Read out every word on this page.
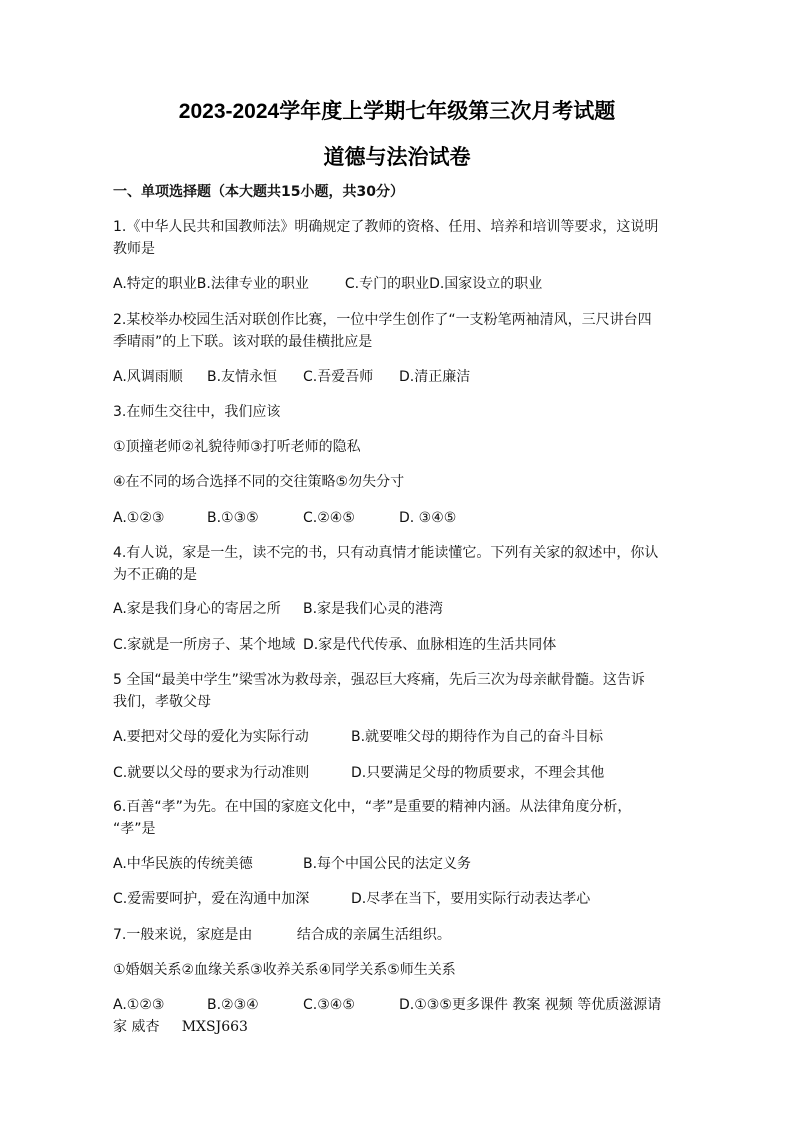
2023-2024学年度上学期七年级第三次月考试题
道德与法治试卷
一、单项选择题（本大题共15小题，共30分）
1.《中华人民共和国教师法》明确规定了教师的资格、任用、培养和培训等要求，这说明
教师是
A.特定的职业B.法律专业的职业	C.专门的职业D.国家设立的职业
2.某校举办校园生活对联创作比赛，一位中学生创作了“一支粉笔两袖清风，三尺讲台四
季晴雨”的上下联。该对联的最佳横批应是
A.风调雨顺 B.友情永恒 C.吾爱吾师 D.清正廉洁
3.在师生交往中，我们应该
①顶撞老师②礼貌待师③打听老师的隐私
④在不同的场合选择不同的交往策略⑤勿失分寸
A.①②③	B.①③⑤	C.②④⑤	D. ③④⑤
4.有人说，家是一生，读不完的书，只有动真情才能读懂它。下列有关家的叙述中，你认
为不正确的是
A.家是我们身心的寄居之所 B.家是我们心灵的港湾
C.家就是一所房子、某个地域 D.家是代代传承、血脉相连的生活共同体
5 全国“最美中学生”梁雪冰为救母亲，强忍巨大疼痛，先后三次为母亲献骨髓。这告诉
我们，孝敬父母
A.要把对父母的爱化为实际行动	B.就要唯父母的期待作为自己的奋斗目标
C.就要以父母的要求为行动准则	D.只要满足父母的物质要求，不理会其他
6.百善“孝”为先。在中国的家庭文化中，“孝”是重要的精神内涵。从法律角度分析，
“孝”是
A.中华民族的传统美德	B.每个中国公民的法定义务
C.爱需要呵护，爱在沟通中加深	D.尽孝在当下，要用实际行动表达孝心
7.一般来说，家庭是由          结合成的亲属生活组织。
①婚姻关系②血缘关系③收养关系④同学关系⑤师生关系
A.①②③	B.②③④	C.③④⑤	D.①③⑤更多课件 教案 视频 等优质滋源请
家 威杏     MXSJ663
